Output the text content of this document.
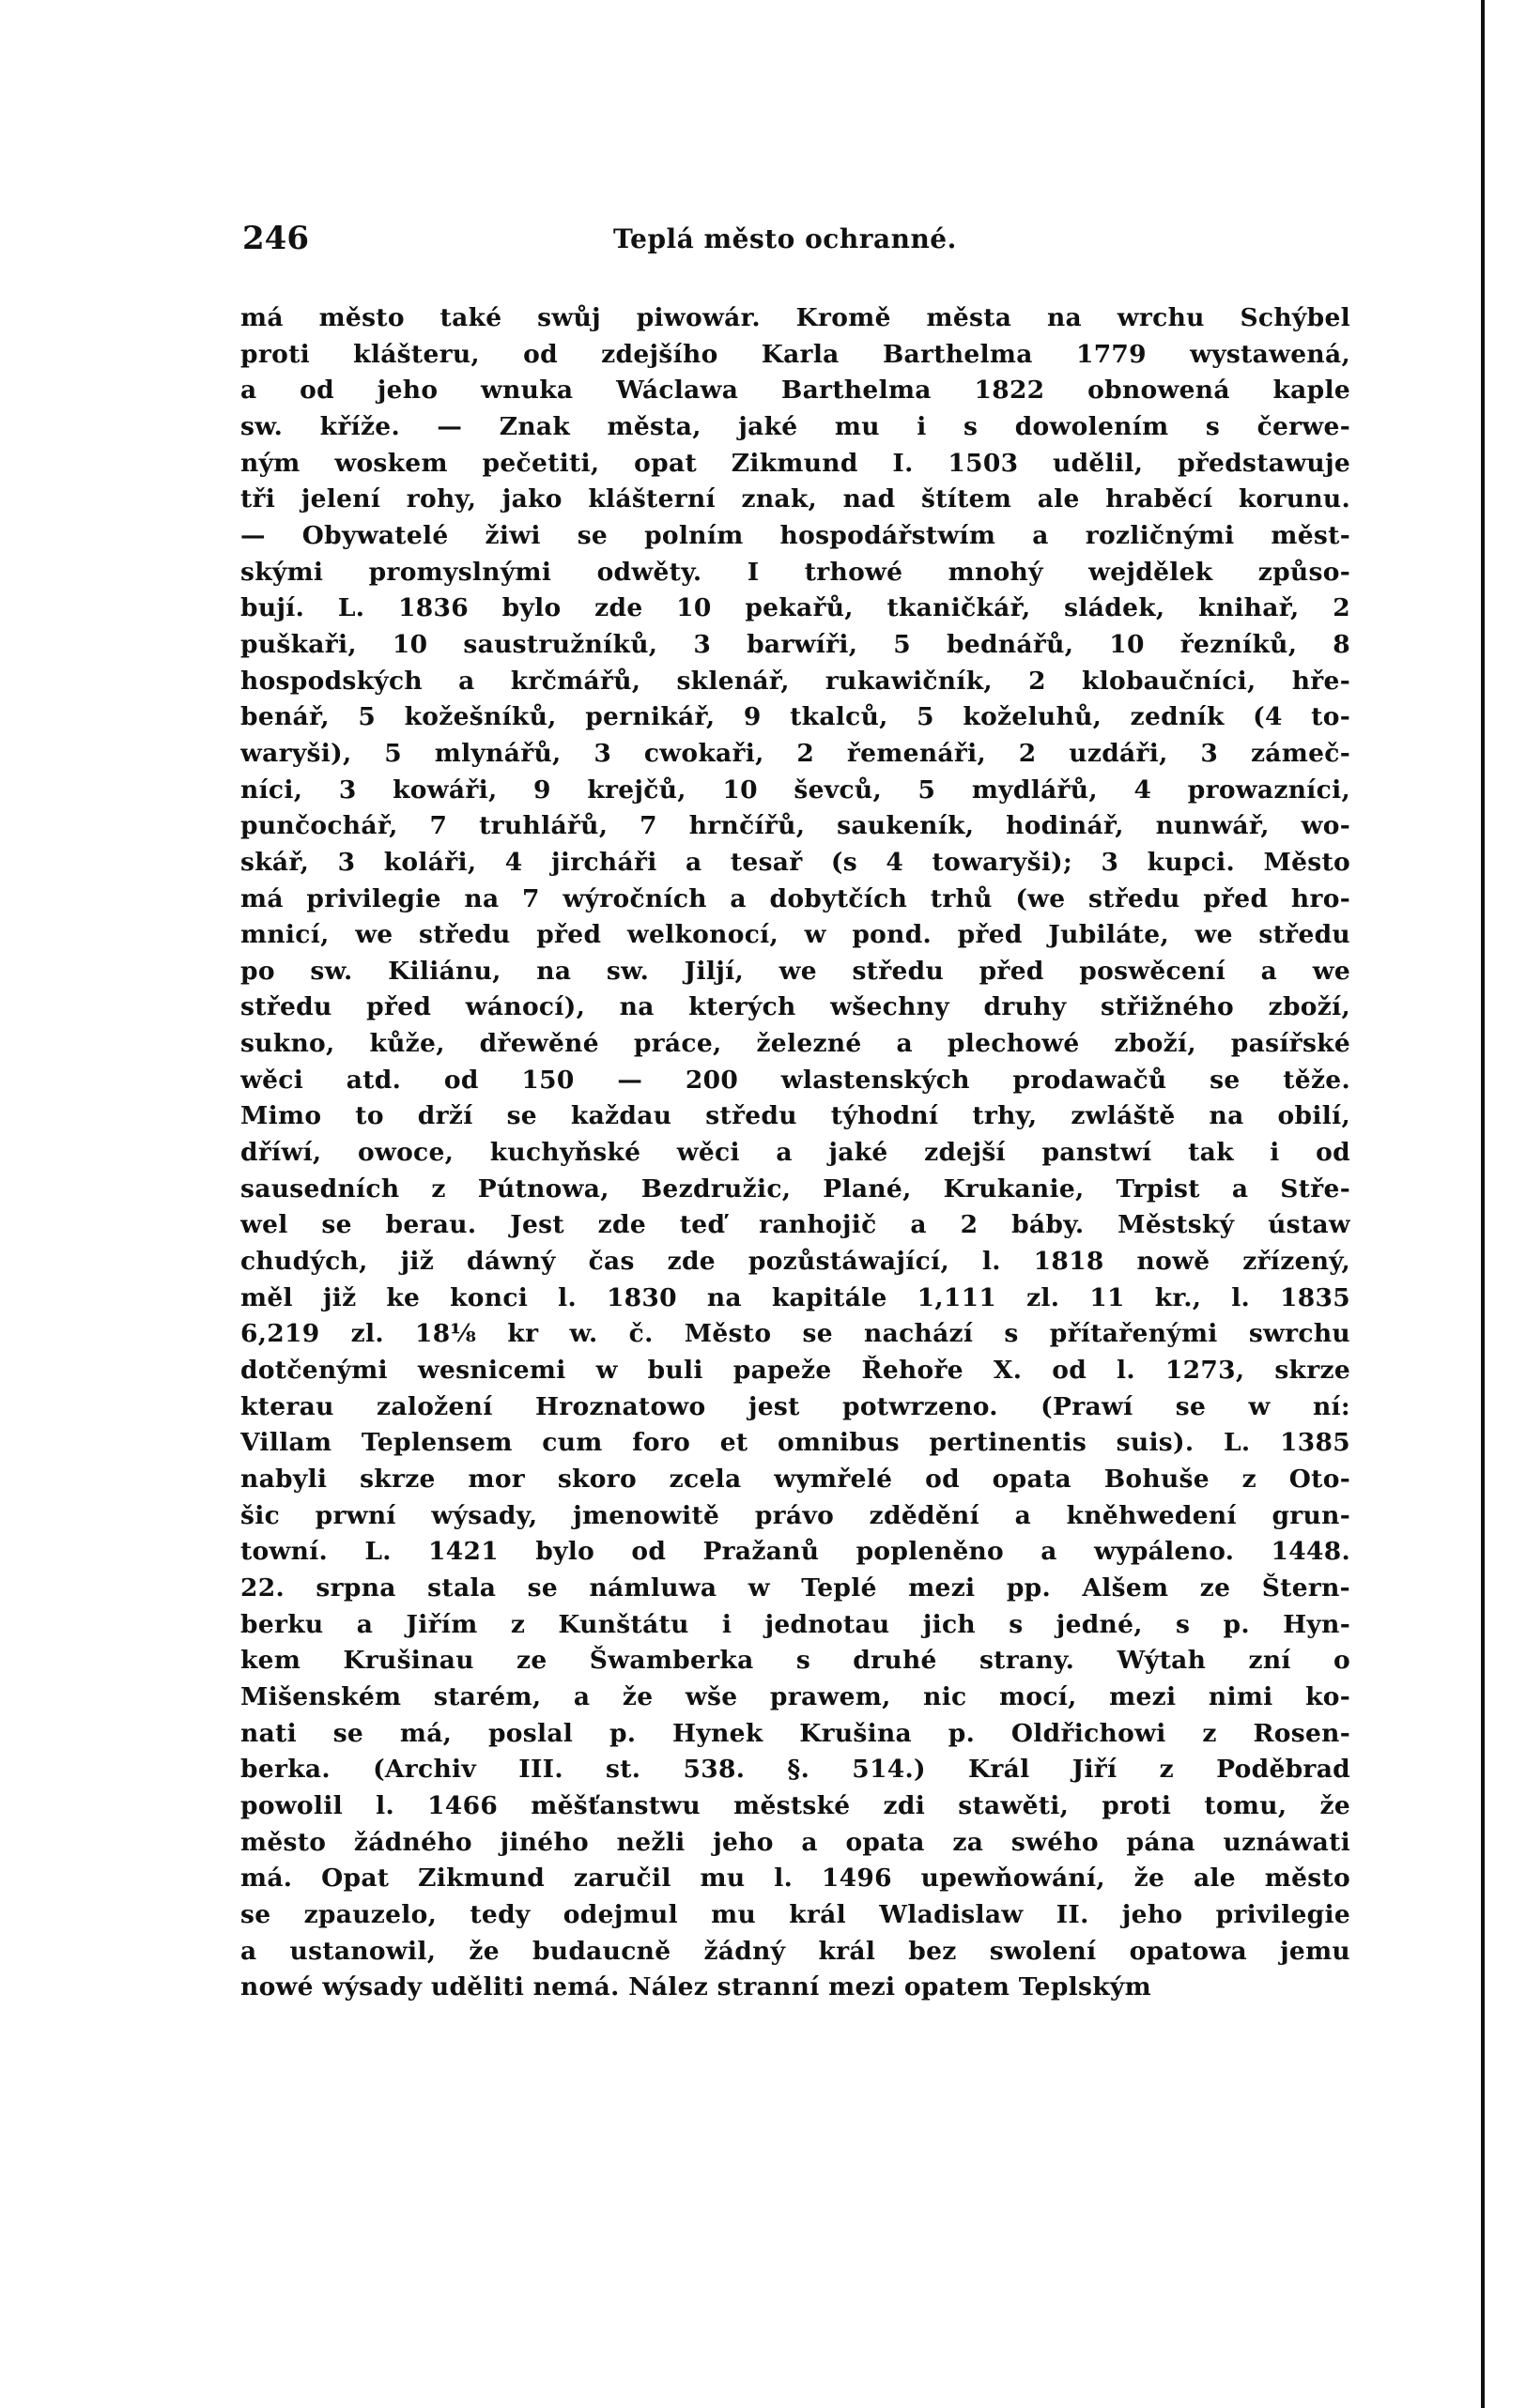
246	Teplá město ochranné.
má město také swůj piwowár. Kromě města na wrchu Schýbel
proti klášteru, od zdejšího Karla Barthelma 1779 wystawená,
a od jeho wnuka Wáclawa Barthelma 1822 obnowená kaple
sw. kříže. — Znak města, jaké mu i s dowolením s čerwe-
ným woskem pečetiti, opat Zikmund I. 1503 udělil, předstawuje
tři jelení rohy, jako klášterní znak, nad štítem ale hraběcí korunu.
— Obywatelé žiwi se polním hospodářstwím a rozličnými měst-
skými promyslnými odwěty. I trhowé mnohý wejdělek způso-
bují. L. 1836 bylo zde 10 pekařů, tkaničkář, sládek, knihař, 2
puškaři, 10 saustružníků, 3 barwíři, 5 bednářů, 10 řezníků, 8
hospodských a krčmářů, sklenář, rukawičník, 2 klobaučníci, hře-
benář, 5 kožešníků, pernikář, 9 tkalců, 5 koželuhů, zedník (4 to-
waryši), 5 mlynářů, 3 cwokaři, 2 řemenáři, 2 uzdáři, 3 zámeč-
níci, 3 kowáři, 9 krejčů, 10 ševců, 5 mydlářů, 4 prowazníci,
punčochář, 7 truhlářů, 7 hrnčířů, saukeník, hodinář, nunwář, wo-
skář, 3 koláři, 4 jircháři a tesař (s 4 towaryši); 3 kupci. Město
má privilegie na 7 wýročních a dobytčích trhů (we středu před hro-
mnicí, we středu před welkonocí, w pond. před Jubiláte, we středu
po sw. Kiliánu, na sw. Jiljí, we středu před poswěcení a we
středu před wánocí), na kterých wšechny druhy střižného zboží,
sukno, kůže, dřewěné práce, železné a plechowé zboží, pasířské
wěci atd. od 150 — 200 wlastenských prodawačů se těže.
Mimo to drží se každau středu týhodní trhy, zwláště na obilí,
dříwí, owoce, kuchyňské wěci a jaké zdejší panstwí tak i od
sausedních z Pútnowa, Bezdružic, Plané, Krukanie, Trpist a Stře-
wel se berau. Jest zde teď ranhojič a 2 báby. Městský ústaw
chudých, již dáwný čas zde pozůstáwající, l. 1818 nowě zřízený,
měl již ke konci l. 1830 na kapitále 1,111 zl. 11 kr., l. 1835
6,219 zl. 18⅛ kr w. č. Město se nachází s přítařenými swrchu
dotčenými wesnicemi w buli papeže Řehoře X. od l. 1273, skrze
kterau založení Hroznatowo jest potwrzeno. (Prawí se w ní:
Villam Teplensem cum foro et omnibus pertinentis suis). L. 1385
nabyli skrze mor skoro zcela wymřelé od opata Bohuše z Oto-
šic prwní wýsady, jmenowitě právo zdědění a kněhwedení grun-
towní. L. 1421 bylo od Pražanů popleněno a wypáleno. 1448.
22. srpna stala se námluwa w Teplé mezi pp. Alšem ze Štern-
berku a Jiřím z Kunštátu i jednotau jich s jedné, s p. Hyn-
kem Krušinau ze Šwamberka s druhé strany. Wýtah zní o
Mišenském starém, a že wše prawem, nic mocí, mezi nimi ko-
nati se má, poslal p. Hynek Krušina p. Oldřichowi z Rosen-
berka. (Archiv III. st. 538. §. 514.) Král Jiří z Poděbrad
powolil l. 1466 měšťanstwu městské zdi stawěti, proti tomu, že
město žádného jiného nežli jeho a opata za swého pána uznáwati
má. Opat Zikmund zaručil mu l. 1496 upewňowání, že ale město
se zpauzelo, tedy odejmul mu král Wladislaw II. jeho privilegie
a ustanowil, že budaucně žádný král bez swolení opatowa jemu
nowé wýsady uděliti nemá. Nález stranní mezi opatem Teplským
